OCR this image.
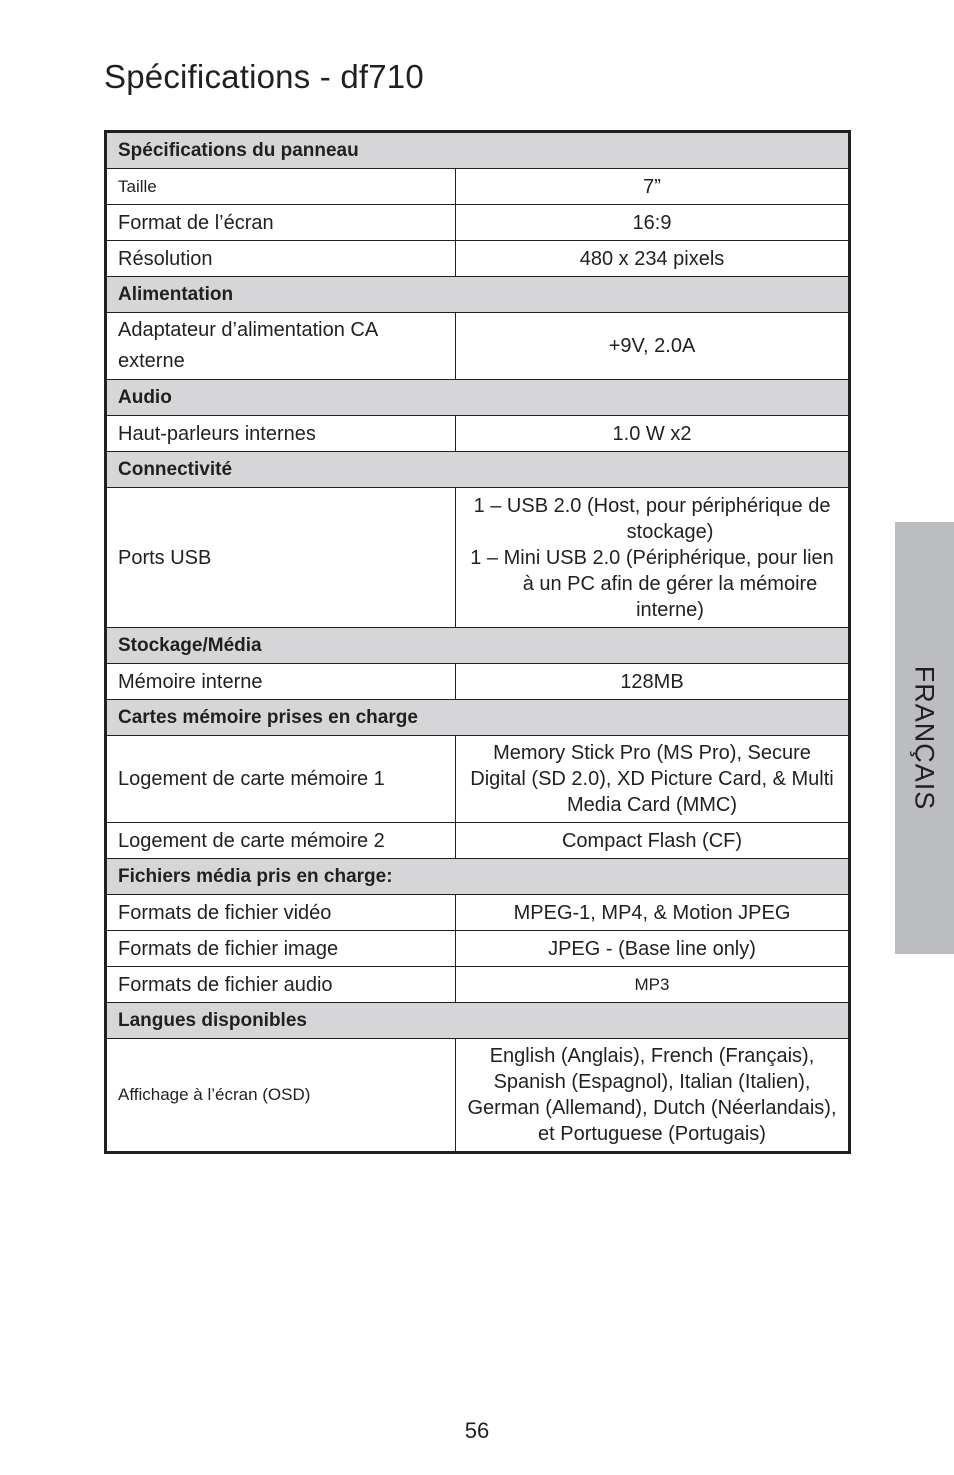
Spécifications - df710
Spécifications du panneau	
Taille	7”
Format de l’écran	16:9
Résolution	480 x 234 pixels
Alimentation	
Adaptateur d’alimentation CA externe	+9V, 2.0A
Audio	
Haut-parleurs internes	1.0 W x2
Connectivité	
Ports USB	1 – USB 2.0 (Host, pour périphérique de stockage)
1 – Mini USB 2.0 (Périphérique, pour lien à un PC afin de gérer la mémoire interne)

Stockage/Média	
Mémoire interne	128MB
Cartes mémoire prises en charge	
Logement de carte mémoire 1	Memory Stick Pro (MS Pro), Secure Digital (SD 2.0), XD Picture Card, & Multi Media Card (MMC)
Logement de carte mémoire 2	Compact Flash (CF)
Fichiers média pris en charge:	
Formats de fichier vidéo	MPEG-1, MP4, & Motion JPEG
Formats de fichier image	JPEG - (Base line only)
Formats de fichier audio	MP3
Langues disponibles	
Affichage à l’écran (OSD)	English (Anglais), French (Français), Spanish (Espagnol), Italian (Italien), German (Allemand), Dutch (Néerlandais), et Portuguese (Portugais)
FRANÇAIS
56
